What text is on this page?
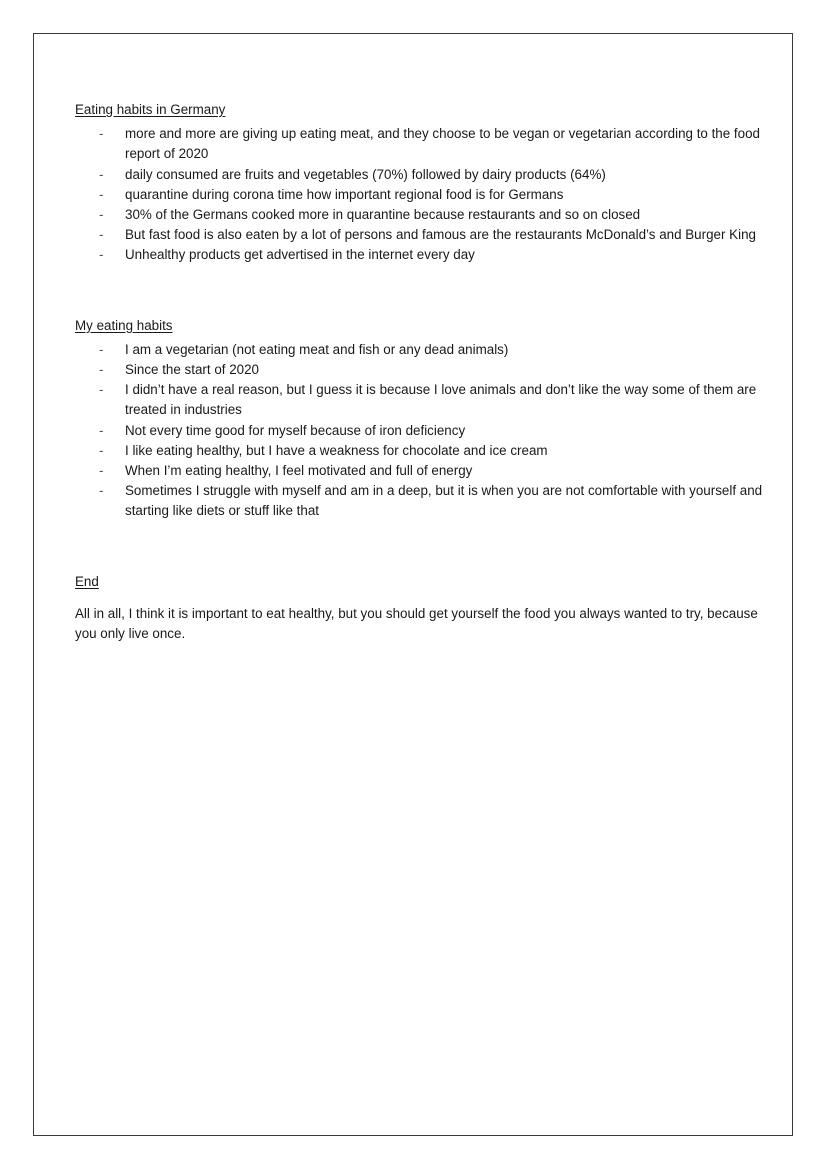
Eating habits in Germany
- more and more are giving up eating meat, and they choose to be vegan or vegetarian according to the food report of 2020
- daily consumed are fruits and vegetables (70%) followed by dairy products (64%)
- quarantine during corona time how important regional food is for Germans
- 30% of the Germans cooked more in quarantine because restaurants and so on closed
- But fast food is also eaten by a lot of persons and famous are the restaurants McDonald’s and Burger King
- Unhealthy products get advertised in the internet every day
My eating habits
- I am a vegetarian (not eating meat and fish or any dead animals)
- Since the start of 2020
- I didn’t have a real reason, but I guess it is because I love animals and don’t like the way some of them are treated in industries
- Not every time good for myself because of iron deficiency
- I like eating healthy, but I have a weakness for chocolate and ice cream
- When I’m eating healthy, I feel motivated and full of energy
- Sometimes I struggle with myself and am in a deep, but it is when you are not comfortable with yourself and starting like diets or stuff like that
End

All in all, I think it is important to eat healthy, but you should get yourself the food you always wanted to try, because you only live once.
